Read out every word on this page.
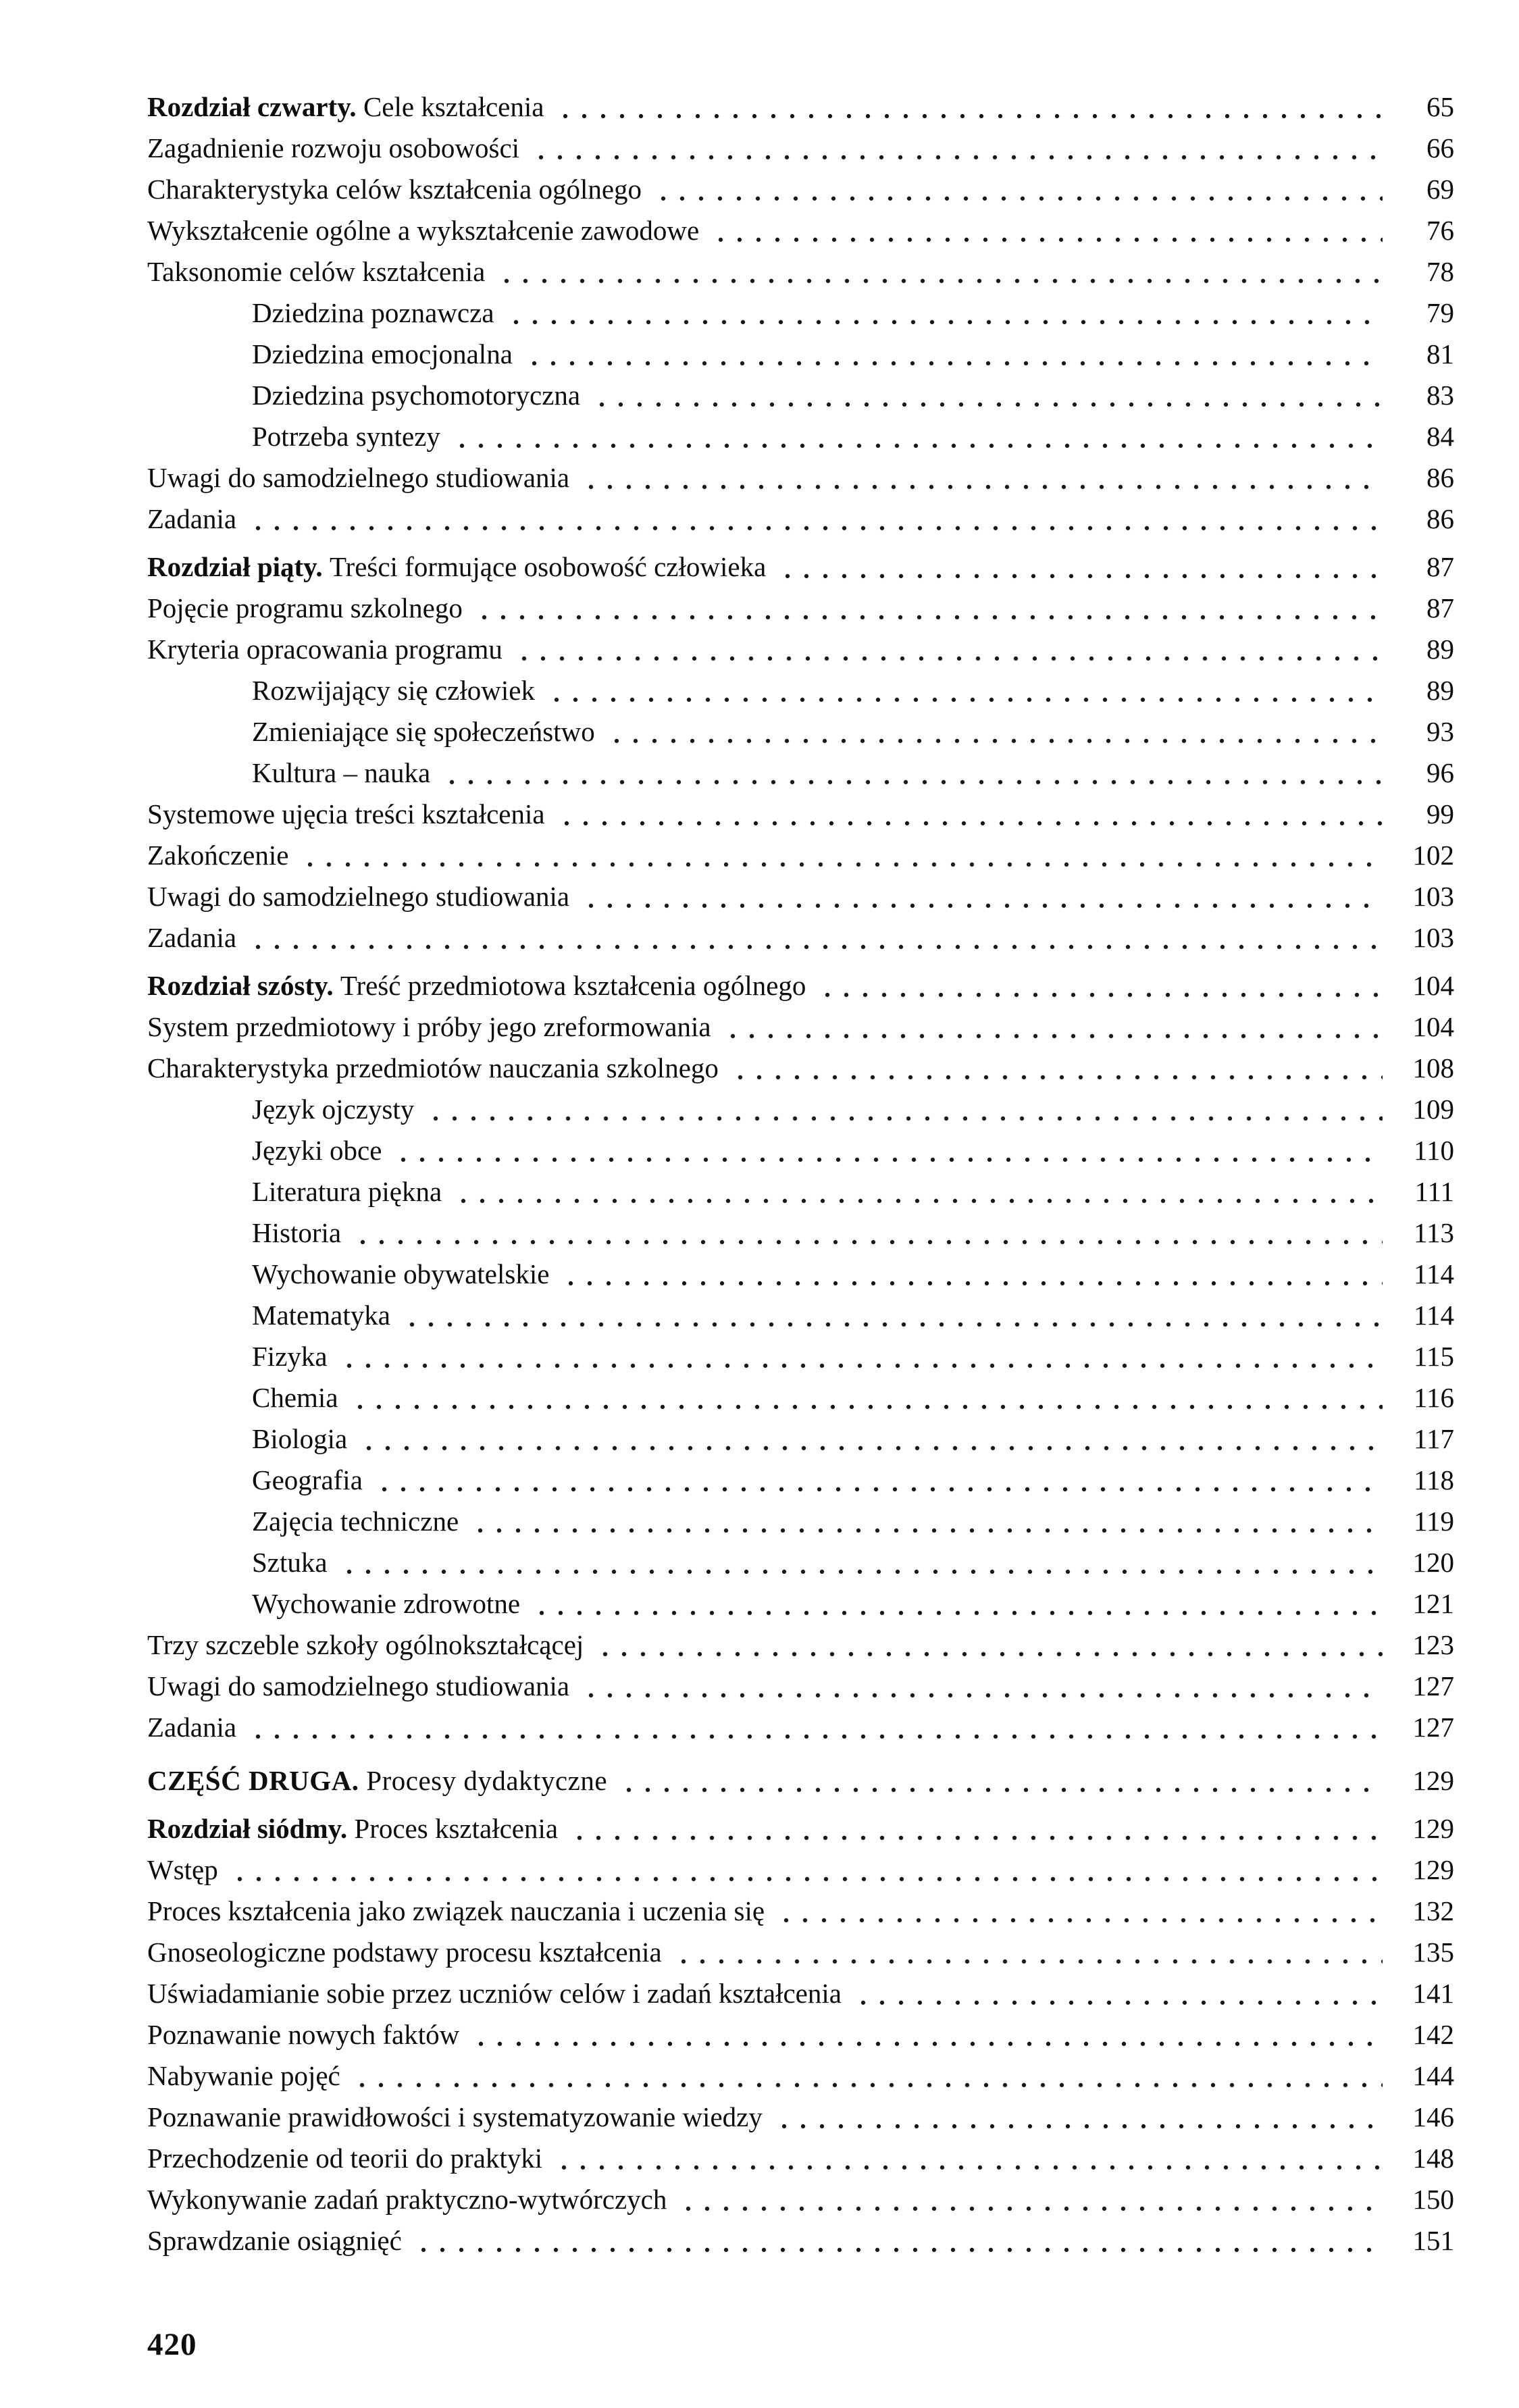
Rozdział czwarty. Cele kształcenia	65
Zagadnienie rozwoju osobowości	66
Charakterystyka celów kształcenia ogólnego	69
Wykształcenie ogólne a wykształcenie zawodowe	76
Taksonomie celów kształcenia	78
Dziedzina poznawcza	79
Dziedzina emocjonalna	81
Dziedzina psychomotoryczna	83
Potrzeba syntezy	84
Uwagi do samodzielnego studiowania	86
Zadania	86
Rozdział piąty. Treści formujące osobowość człowieka	87
Pojęcie programu szkolnego	87
Kryteria opracowania programu	89
Rozwijający się człowiek	89
Zmieniające się społeczeństwo	93
Kultura – nauka	96
Systemowe ujęcia treści kształcenia	99
Zakończenie	102
Uwagi do samodzielnego studiowania	103
Zadania	103
Rozdział szósty. Treść przedmiotowa kształcenia ogólnego	104
System przedmiotowy i próby jego zreformowania	104
Charakterystyka przedmiotów nauczania szkolnego	108
Język ojczysty	109
Języki obce	110
Literatura piękna	111
Historia	113
Wychowanie obywatelskie	114
Matematyka	114
Fizyka	115
Chemia	116
Biologia	117
Geografia	118
Zajęcia techniczne	119
Sztuka	120
Wychowanie zdrowotne	121
Trzy szczeble szkoły ogólnokształcącej	123
Uwagi do samodzielnego studiowania	127
Zadania	127
CZĘŚĆ DRUGA. Procesy dydaktyczne	129
Rozdział siódmy. Proces kształcenia	129
Wstęp	129
Proces kształcenia jako związek nauczania i uczenia się	132
Gnoseologiczne podstawy procesu kształcenia	135
Uświadamianie sobie przez uczniów celów i zadań kształcenia	141
Poznawanie nowych faktów	142
Nabywanie pojęć	144
Poznawanie prawidłowości i systematyzowanie wiedzy	146
Przechodzenie od teorii do praktyki	148
Wykonywanie zadań praktyczno-wytwórczych	150
Sprawdzanie osiągnięć	151
420
